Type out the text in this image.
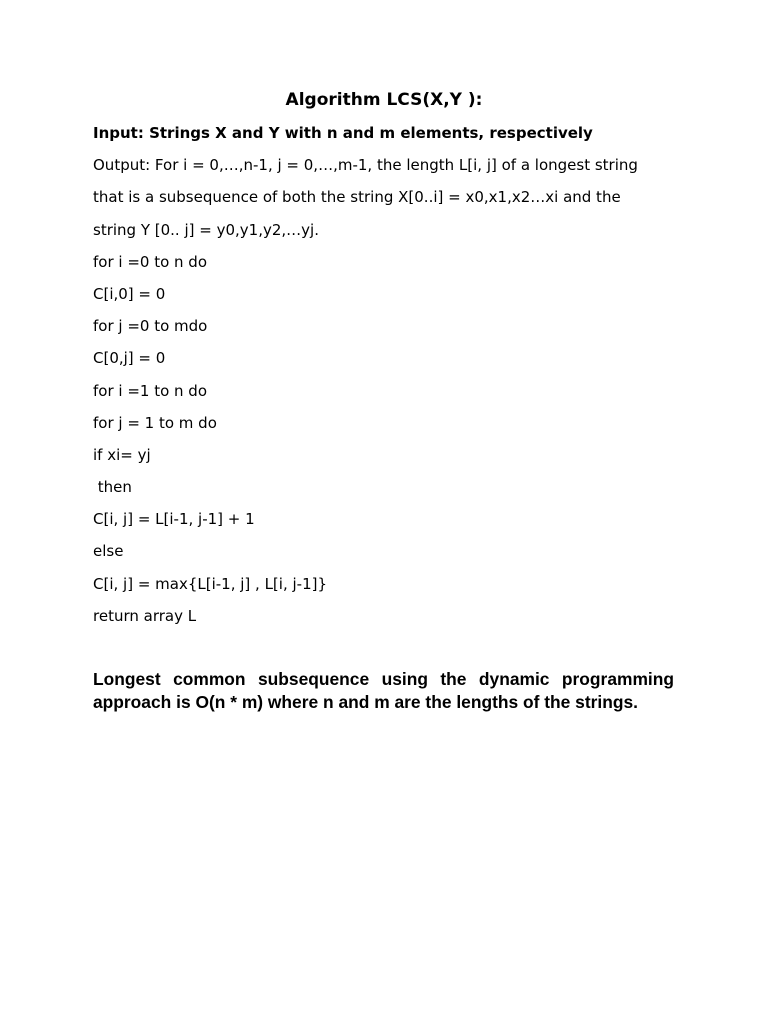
Algorithm LCS(X,Y ):
Input: Strings X and Y with n and m elements, respectively
Output: For i = 0,…,n-1, j = 0,…,m-1, the length L[i, j] of a longest string
that is a subsequence of both the string X[0..i] = x0,x1,x2…xi and the
string Y [0.. j] = y0,y1,y2,…yj.
for i =0 to n do
C[i,0] = 0
for j =0 to mdo
C[0,j] = 0
for i =1 to n do
for j = 1 to m do
if xi= yj
then
C[i, j] = L[i-1, j-1] + 1
else
C[i, j] = max{L[i-1, j] , L[i, j-1]}
return array L
Longest common subsequence using the dynamic programming approach is O(n * m) where n and m are the lengths of the strings.
